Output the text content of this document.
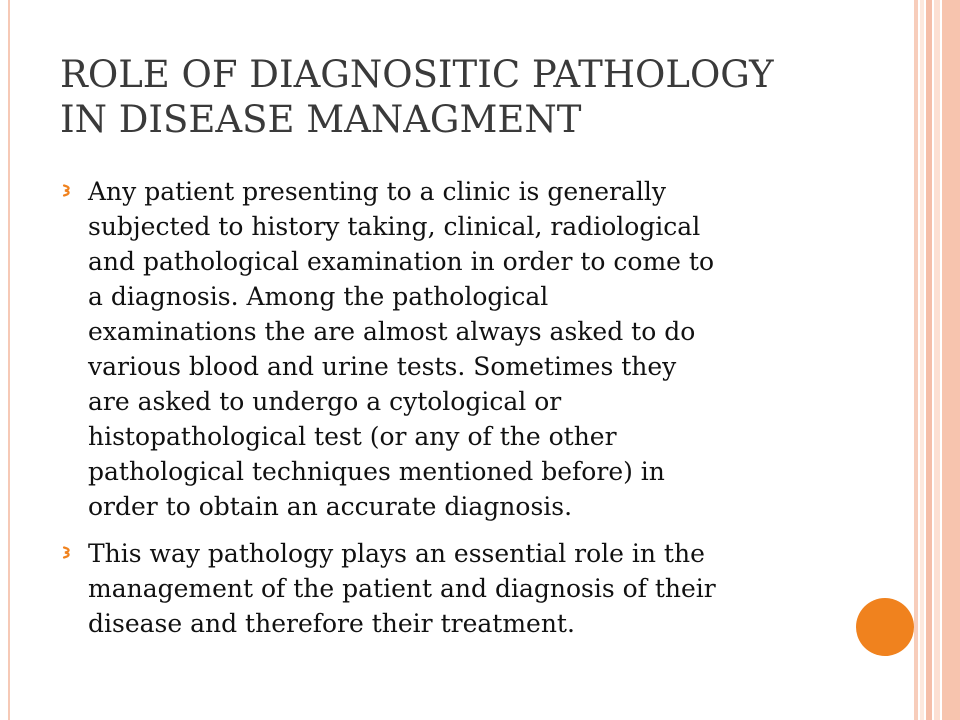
ROLE OF DIAGNOSITIC PATHOLOGY
IN DISEASE MANAGMENT
Any patient presenting to a clinic is generally
subjected to history taking, clinical, radiological
and pathological examination in order to come to
a diagnosis. Among the pathological
examinations the are almost always asked to do
various blood and urine tests. Sometimes they
are asked to undergo a cytological or
histopathological test (or any of the other
pathological techniques mentioned before) in
order to obtain an accurate diagnosis.
This way pathology plays an essential role in the
management of the patient and diagnosis of their
disease and therefore their treatment.
